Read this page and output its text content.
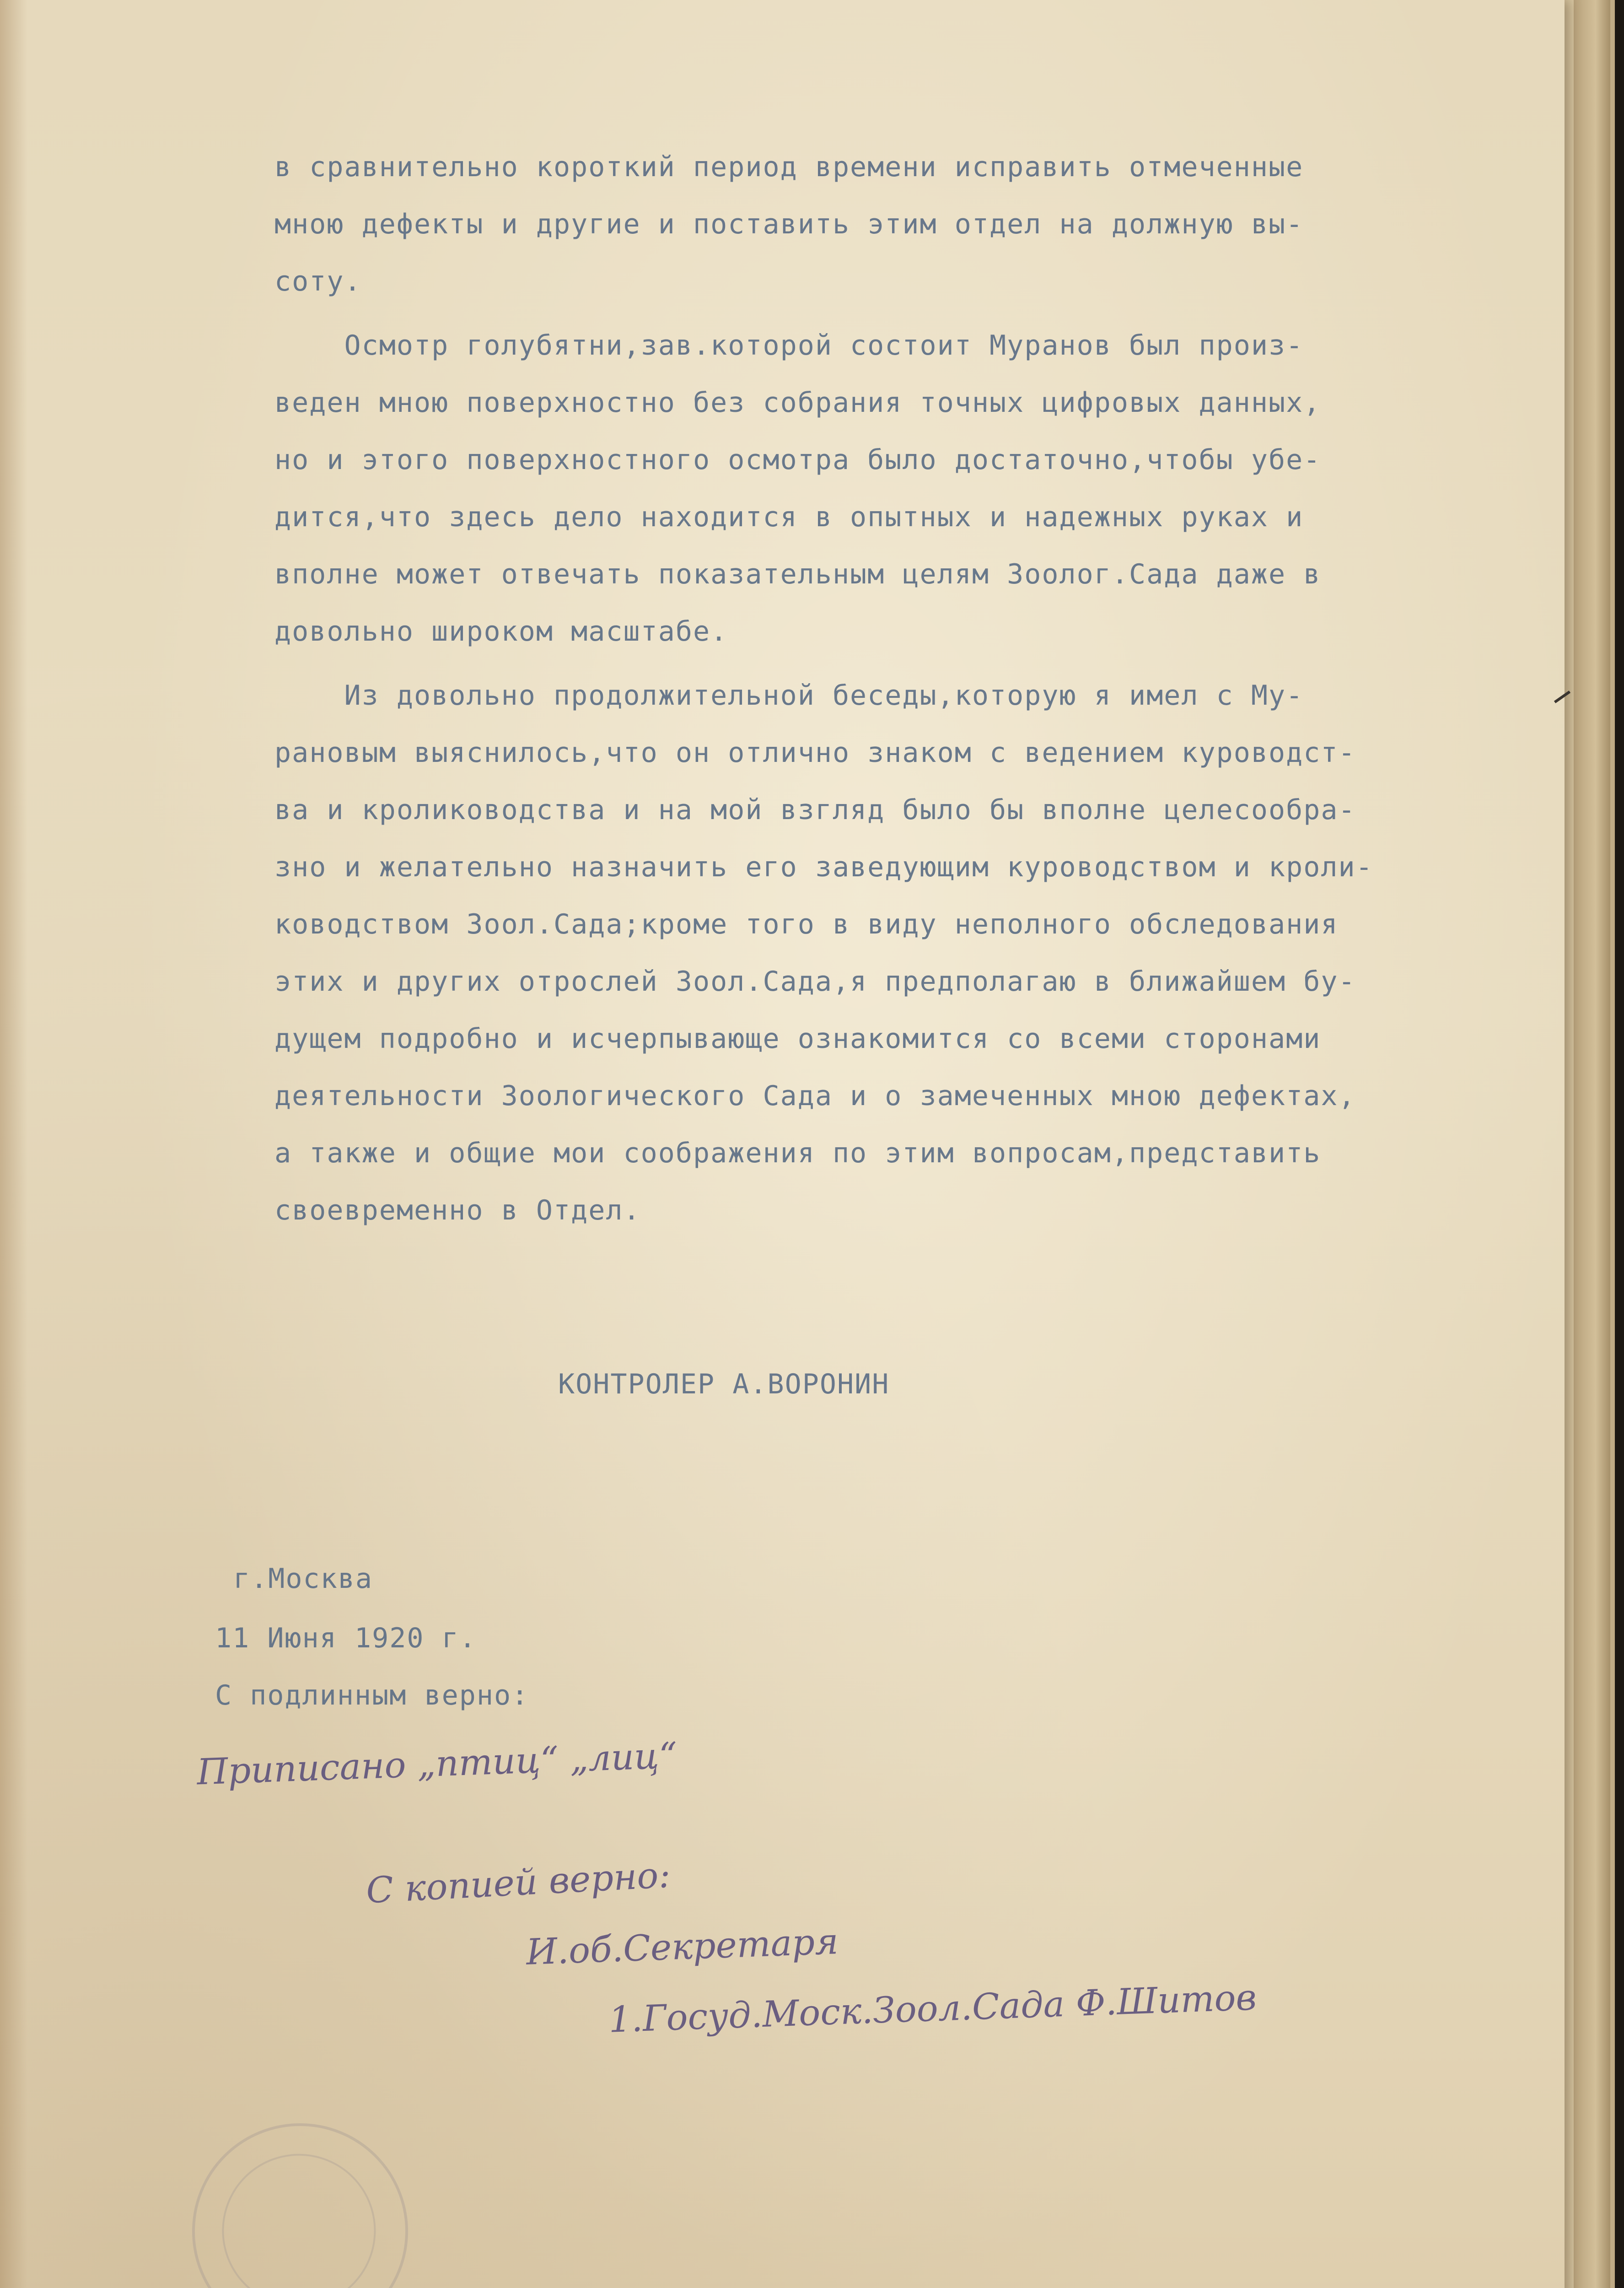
в сравнительно короткий период времени исправить отмеченные
мною дефекты и другие и поставить этим отдел на должную вы-
соту.
Осмотр голубятни,зав.которой состоит Муранов был произ-
веден мною поверхностно без собрания точных цифровых данных,
но и этого поверхностного осмотра было достаточно,чтобы убе-
дится,что здесь дело находится в опытных и надежных руках и
вполне может отвечать показательным целям Зоолог.Сада даже в
довольно широком масштабе.
Из довольно продолжительной беседы,которую я имел с Му-
рановым выяснилось,что он отлично знаком с ведением куроводст-
ва и кролиководства и на мой взгляд было бы вполне целесообра-
зно и желательно назначить его заведующим куроводством и кроли-
ководством Зоол.Сада;кроме того в виду неполного обследования
этих и других отрослей Зоол.Сада,я предполагаю в ближайшем бу-
дущем подробно и исчерпывающе ознакомится со всеми сторонами
деятельности Зоологического Сада и о замеченных мною дефектах,
а также и общие мои соображения по этим вопросам,представить
своевременно в Отдел.
КОНТРОЛЕР А.ВОРОНИН
г.Москва
11 Июня 1920 г.
С подлинным верно:
Приписано „птиц“ „лиц“
С копией верно:
И.об.Секретаря
1.Госуд.Моск.Зоол.Сада Ф.Шитов
